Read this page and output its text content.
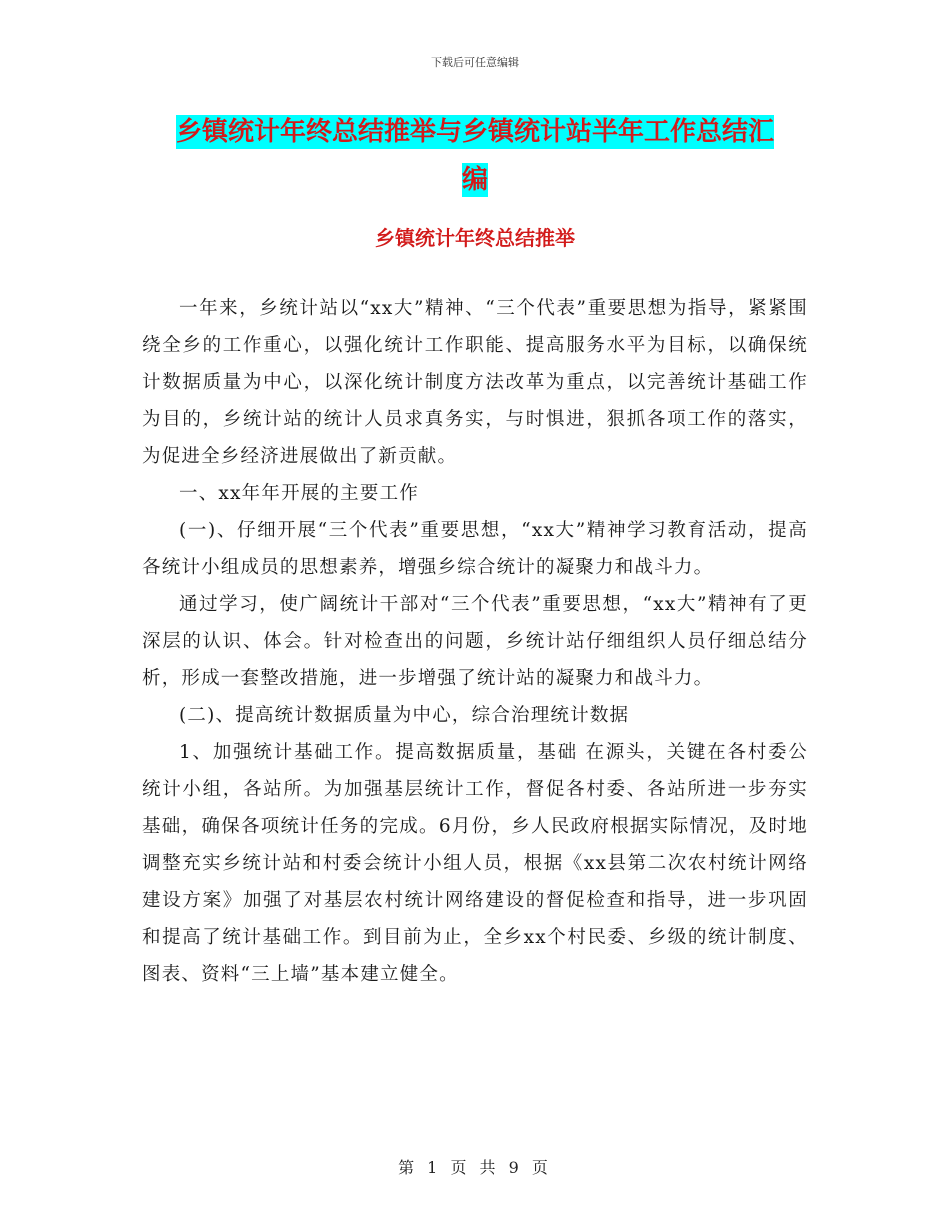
下载后可任意编辑
乡镇统计年终总结推举与乡镇统计站半年工作总结汇
编
乡镇统计年终总结推举

一年来，乡统计站以“xx大”精神、“三个代表”重要思想为指导，紧紧围绕全乡的工作重心，以强化统计工作职能、提高服务水平为目标，以确保统计数据质量为中心，以深化统计制度方法改革为重点，以完善统计基础工作为目的，乡统计站的统计人员求真务实，与时惧进，狠抓各项工作的落实，为促进全乡经济进展做出了新贡献。

一、xx年年开展的主要工作

(一)、仔细开展“三个代表”重要思想，“xx大”精神学习教育活动，提高各统计小组成员的思想素养，增强乡综合统计的凝聚力和战斗力。

通过学习，使广阔统计干部对“三个代表”重要思想，“xx大”精神有了更深层的认识、体会。针对检查出的问题，乡统计站仔细组织人员仔细总结分析，形成一套整改措施，进一步增强了统计站的凝聚力和战斗力。

(二)、提高统计数据质量为中心，综合治理统计数据

1、加强统计基础工作。提高数据质量，基础 在源头，关键在各村委公统计小组，各站所。为加强基层统计工作，督促各村委、各站所进一步夯实基础，确保各项统计任务的完成。6月份，乡人民政府根据实际情况，及时地调整充实乡统计站和村委会统计小组人员，根据《xx县第二次农村统计网络建设方案》加强了对基层农村统计网络建设的督促检查和指导，进一步巩固和提高了统计基础工作。到目前为止，全乡xx个村民委、乡级的统计制度、图表、资料“三上墙”基本建立健全。

第 1 页 共 9 页
